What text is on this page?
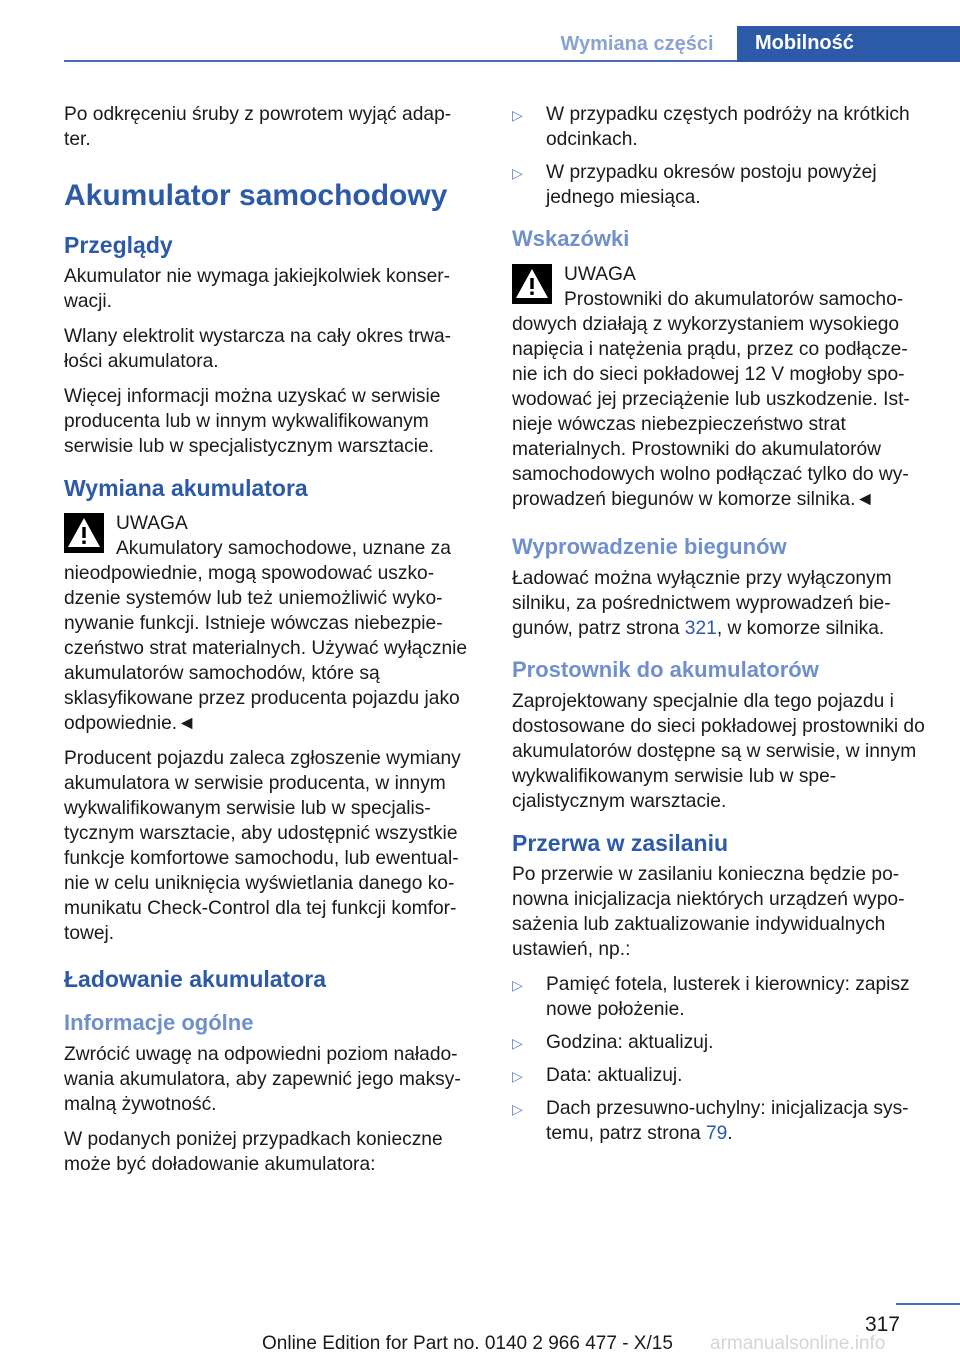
Wymiana części	Mobilność

Po odkręceniu śruby z powrotem wyjąć adap‐ter.

Akumulator samochodowy
Przeglądy

Akumulator nie wymaga jakiejkolwiek konser‐wacji.

Wlany elektrolit wystarcza na cały okres trwa‐łości akumulatora.

Więcej informacji można uzyskać w serwisie producenta lub w innym wykwalifikowanym serwisie lub w specjalistycznym warsztacie.

Wymiana akumulatora
UWAGA
Akumulatory samochodowe, uznane za nieodpowiednie, mogą spowodować uszko‐dzenie systemów lub też uniemożliwić wyko‐nywanie funkcji. Istnieje wówczas niebezpie‐czeństwo strat materialnych. Używać wyłącznie akumulatorów samochodów, które są sklasyfikowane przez producenta pojazdu jako odpowiednie.◄

Producent pojazdu zaleca zgłoszenie wymiany akumulatora w serwisie producenta, w innym wykwalifikowanym serwisie lub w specjalis‐tycznym warsztacie, aby udostępnić wszystkie funkcje komfortowe samochodu, lub ewentual‐nie w celu uniknięcia wyświetlania danego ko‐munikatu Check-Control dla tej funkcji komfor‐towej.

Ładowanie akumulatora
Informacje ogólne

Zwrócić uwagę na odpowiedni poziom nałado‐wania akumulatora, aby zapewnić jego maksy‐malną żywotność.

W podanych poniżej przypadkach konieczne może być doładowanie akumulatora:

▷ W przypadku częstych podróży na krótkich odcinkach.
▷ W przypadku okresów postoju powyżej jednego miesiąca.
Wskazówki
UWAGA
Prostowniki do akumulatorów samocho‐dowych działają z wykorzystaniem wysokiego napięcia i natężenia prądu, przez co podłącze‐nie ich do sieci pokładowej 12 V mogłoby spo‐wodować jej przeciążenie lub uszkodzenie. Ist‐nieje wówczas niebezpieczeństwo strat materialnych. Prostowniki do akumulatorów samochodowych wolno podłączać tylko do wy‐prowadzeń biegunów w komorze silnika.◄
Wyprowadzenie biegunów

Ładować można wyłącznie przy wyłączonym silniku, za pośrednictwem wyprowadzeń bie‐gunów, patrz strona 321, w komorze silnika.

Prostownik do akumulatorów

Zaprojektowany specjalnie dla tego pojazdu i dostosowane do sieci pokładowej prostowniki do akumulatorów dostępne są w serwisie, w innym wykwalifikowanym serwisie lub w spe‐cjalistycznym warsztacie.

Przerwa w zasilaniu

Po przerwie w zasilaniu konieczna będzie po‐nowna inicjalizacja niektórych urządzeń wypo‐sażenia lub zaktualizowanie indywidualnych ustawień, np.:

▷ Pamięć fotela, lusterek i kierownicy: zapisz nowe położenie.
▷ Godzina: aktualizuj.
▷ Data: aktualizuj.
▷ Dach przesuwno-uchylny: inicjalizacja sys‐temu, patrz strona 79.
317
Online Edition for Part no. 0140 2 966 477 - X/15 armanualsonline.info
